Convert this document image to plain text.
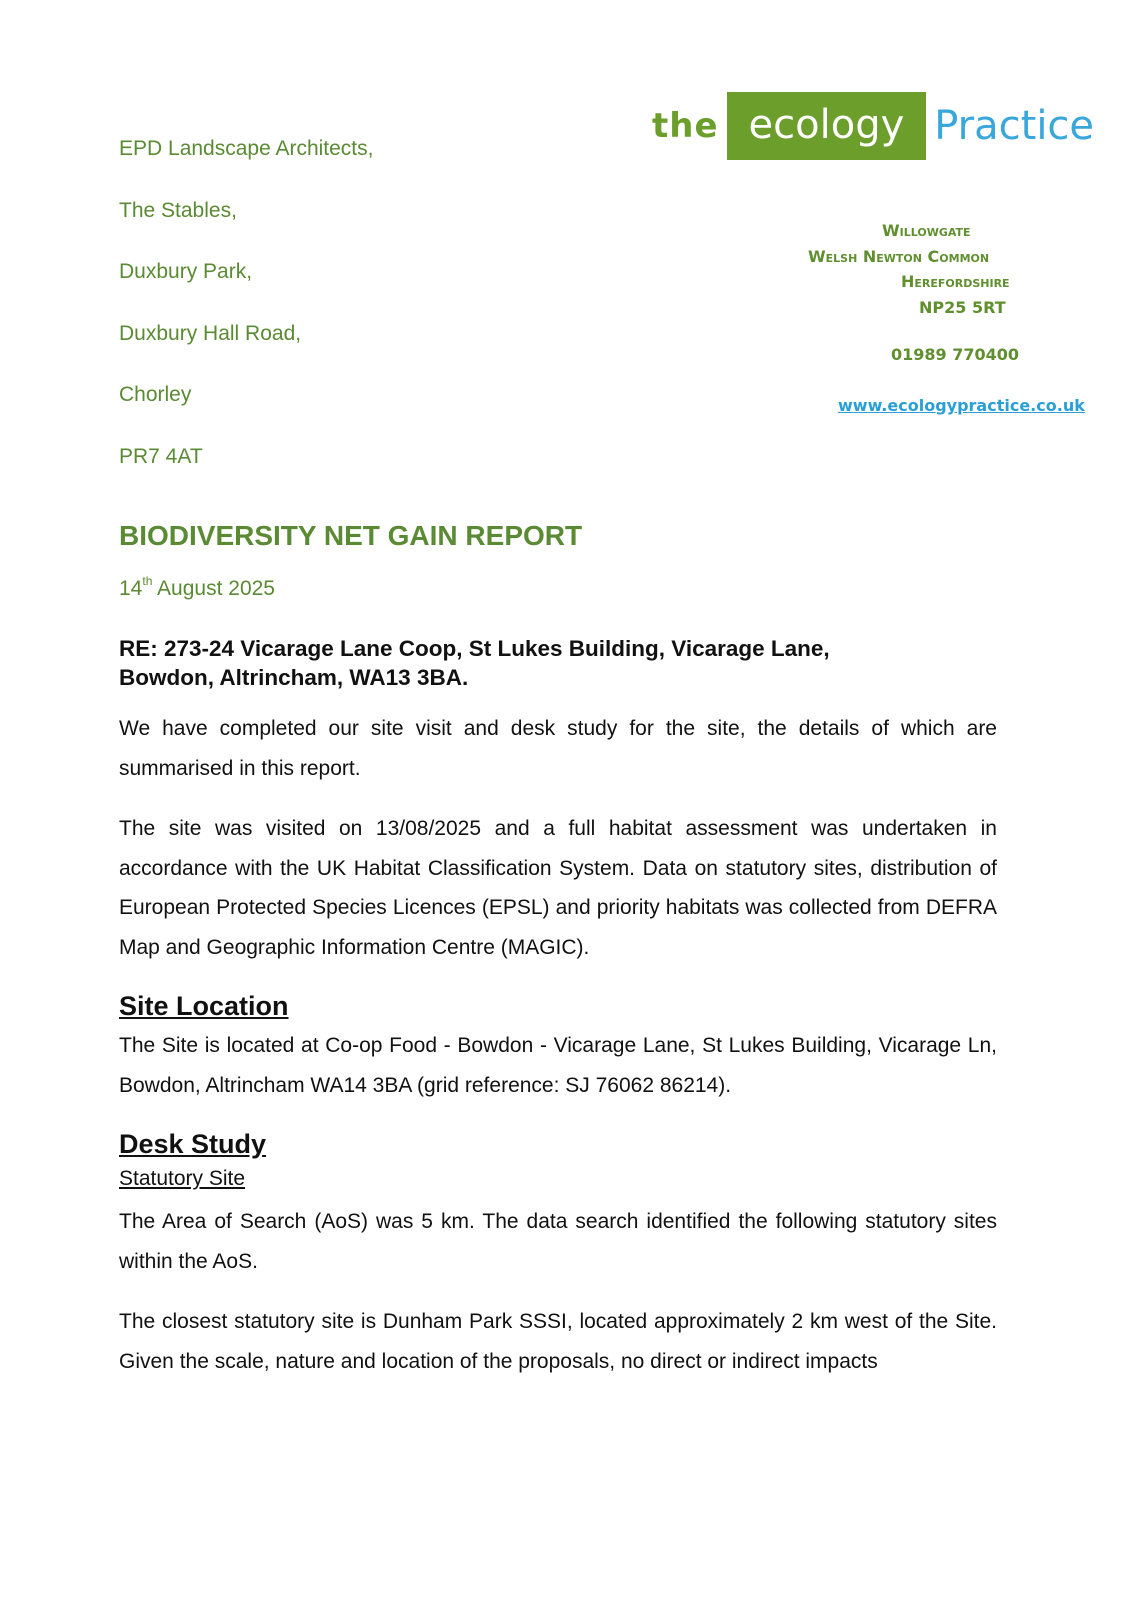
the ecology Practice
Willowgate
Welsh Newton Common
Herefordshire
NP25 5RT
01989 770400
www.ecologypractice.co.uk
EPD Landscape Architects,
The Stables,
Duxbury Park,
Duxbury Hall Road,
Chorley
PR7 4AT
BIODIVERSITY NET GAIN REPORT
14th August 2025
RE: 273-24 Vicarage Lane Coop, St Lukes Building, Vicarage Lane,
Bowdon, Altrincham, WA13 3BA.

We have completed our site visit and desk study for the site, the details of which are summarised in this report.

The site was visited on 13/08/2025 and a full habitat assessment was undertaken in accordance with the UK Habitat Classification System. Data on statutory sites, distribution of European Protected Species Licences (EPSL) and priority habitats was collected from DEFRA Map and Geographic Information Centre (MAGIC).

Site Location

The Site is located at Co-op Food - Bowdon - Vicarage Lane, St Lukes Building, Vicarage Ln, Bowdon, Altrincham WA14 3BA (grid reference: SJ 76062 86214).

Desk Study
Statutory Site

The Area of Search (AoS) was 5 km. The data search identified the following statutory sites within the AoS.

The closest statutory site is Dunham Park SSSI, located approximately 2 km west of the Site. Given the scale, nature and location of the proposals, no direct or indirect impacts
